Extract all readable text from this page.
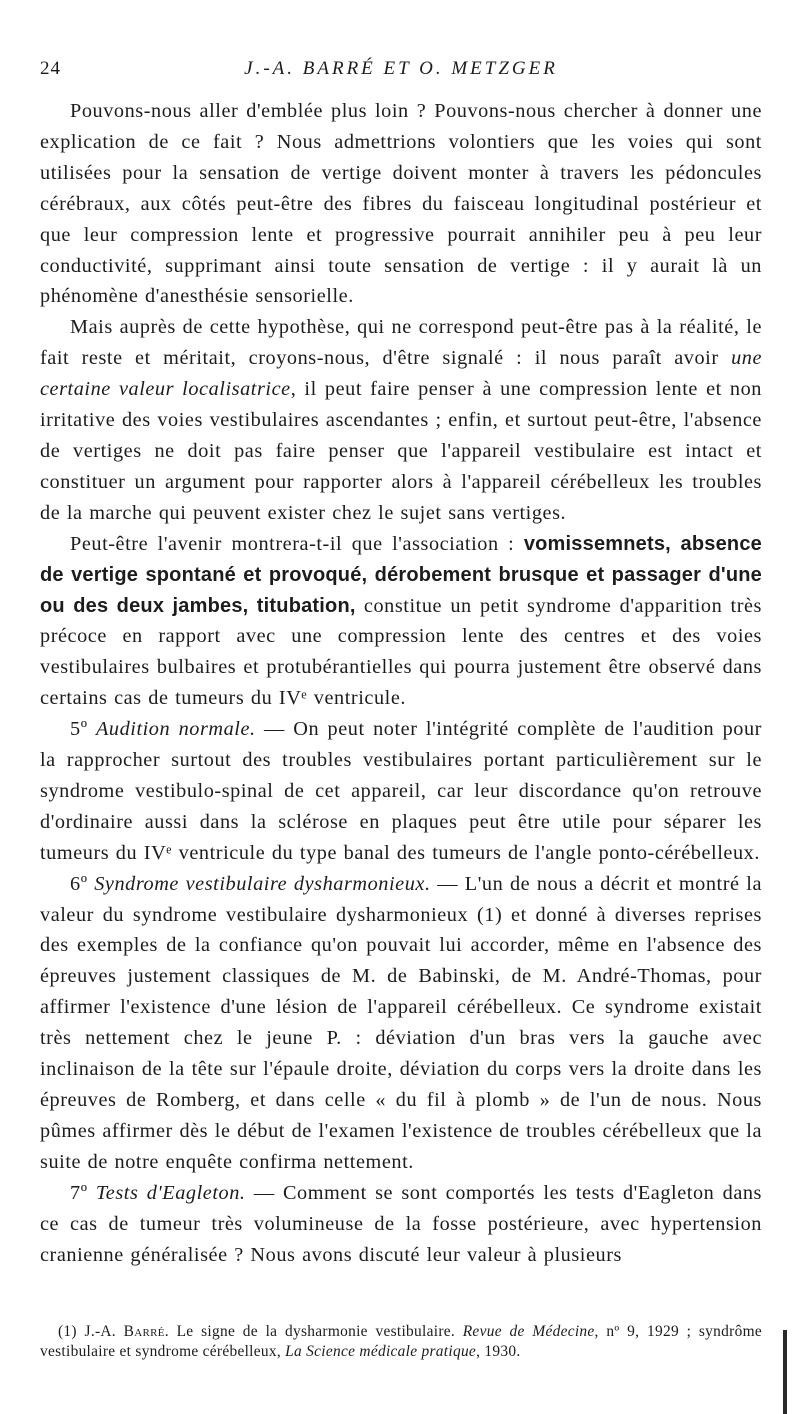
24	J.-A. BARRÉ ET O. METZGER

Pouvons-nous aller d'emblée plus loin ? Pouvons-nous chercher à donner une explication de ce fait ? Nous admettrions volontiers que les voies qui sont utilisées pour la sensation de vertige doivent monter à travers les pédoncules cérébraux, aux côtés peut-être des fibres du faisceau longitudinal postérieur et que leur compression lente et progressive pourrait annihiler peu à peu leur conductivité, supprimant ainsi toute sensation de vertige : il y aurait là un phénomène d'anesthésie sensorielle.

Mais auprès de cette hypothèse, qui ne correspond peut-être pas à la réalité, le fait reste et méritait, croyons-nous, d'être signalé : il nous paraît avoir une certaine valeur localisatrice, il peut faire penser à une compression lente et non irritative des voies vestibulaires ascendantes ; enfin, et surtout peut-être, l'absence de vertiges ne doit pas faire penser que l'appareil vestibulaire est intact et constituer un argument pour rapporter alors à l'appareil cérébelleux les troubles de la marche qui peuvent exister chez le sujet sans vertiges.

Peut-être l'avenir montrera-t-il que l'association : vomissemnets, absence de vertige spontané et provoqué, dérobement brusque et passager d'une ou des deux jambes, titubation, constitue un petit syndrome d'apparition très précoce en rapport avec une compression lente des centres et des voies vestibulaires bulbaires et protubérantielles qui pourra justement être observé dans certains cas de tumeurs du IVᵉ ventricule.

5º Audition normale. — On peut noter l'intégrité complète de l'audition pour la rapprocher surtout des troubles vestibulaires portant particulièrement sur le syndrome vestibulo-spinal de cet appareil, car leur discordance qu'on retrouve d'ordinaire aussi dans la sclérose en plaques peut être utile pour séparer les tumeurs du IVᵉ ventricule du type banal des tumeurs de l'angle ponto-cérébelleux.

6º Syndrome vestibulaire dysharmonieux. — L'un de nous a décrit et montré la valeur du syndrome vestibulaire dysharmonieux (1) et donné à diverses reprises des exemples de la confiance qu'on pouvait lui accorder, même en l'absence des épreuves justement classiques de M. de Babinski, de M. André-Thomas, pour affirmer l'existence d'une lésion de l'appareil cérébelleux. Ce syndrome existait très nettement chez le jeune P. : déviation d'un bras vers la gauche avec inclinaison de la tête sur l'épaule droite, déviation du corps vers la droite dans les épreuves de Romberg, et dans celle « du fil à plomb » de l'un de nous. Nous pûmes affirmer dès le début de l'examen l'existence de troubles cérébelleux que la suite de notre enquête confirma nettement.

7º Tests d'Eagleton. — Comment se sont comportés les tests d'Eagleton dans ce cas de tumeur très volumineuse de la fosse postérieure, avec hypertension cranienne généralisée ? Nous avons discuté leur valeur à plusieurs

(1) J.-A. Barré. Le signe de la dysharmonie vestibulaire. Revue de Médecine, nº 9, 1929 ; syndrôme vestibulaire et syndrome cérébelleux, La Science médicale pratique, 1930.
